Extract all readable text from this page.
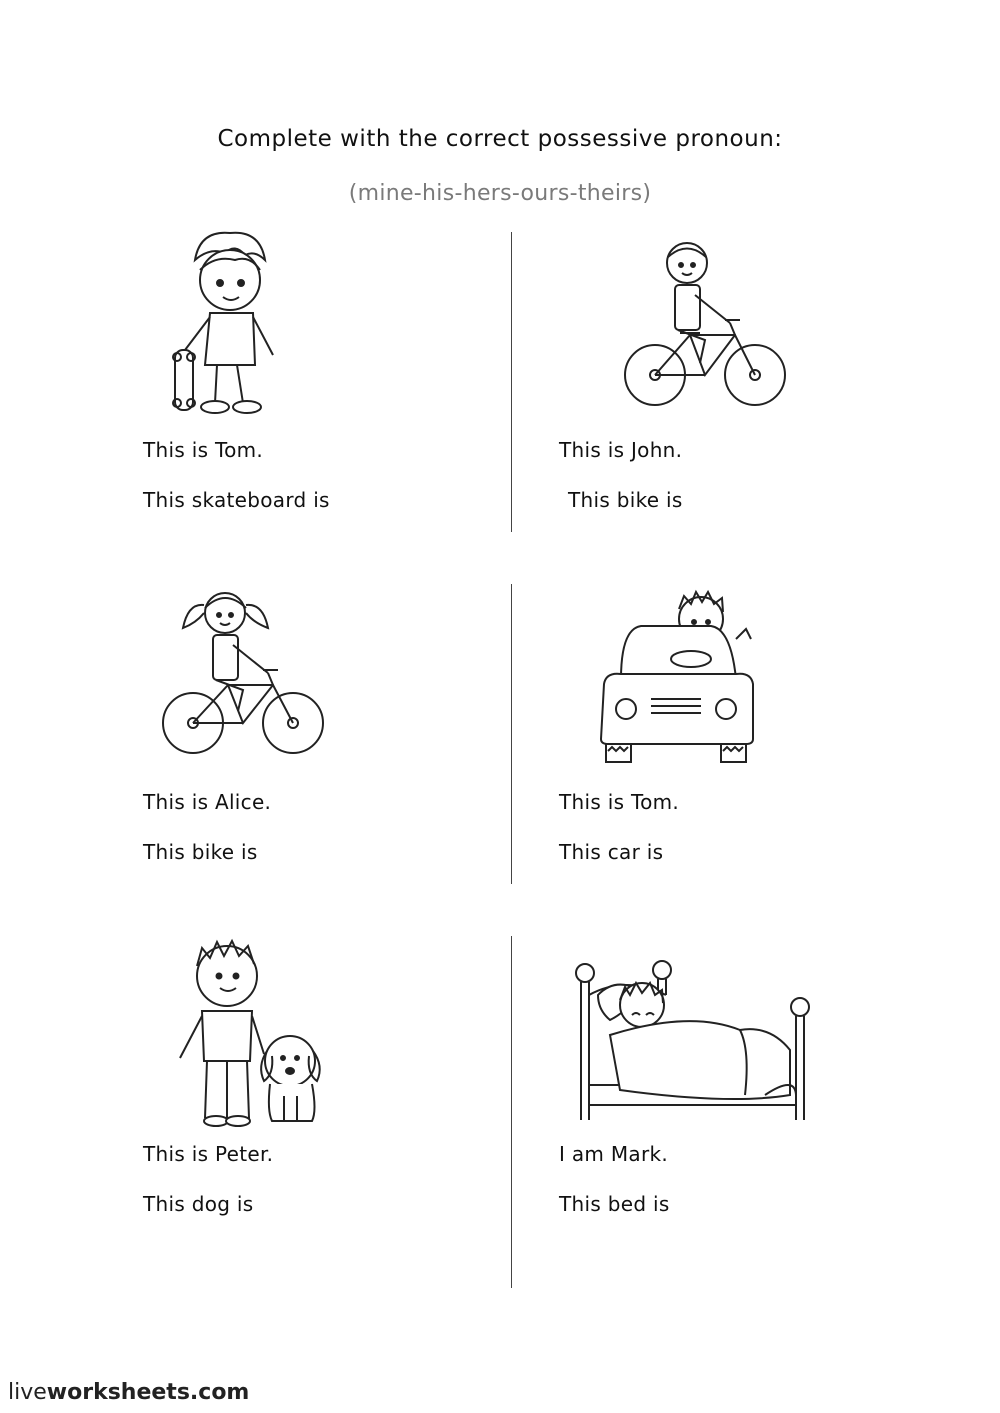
Complete with the correct possessive pronoun:
(mine-his-hers-ours-theirs)
This is Tom.
This skateboard is
This is John.
This bike is
This is Alice.
This bike is
This is Tom.
This car is
This is Peter.
This dog is
I am Mark.
This bed is
liveworksheets.com
